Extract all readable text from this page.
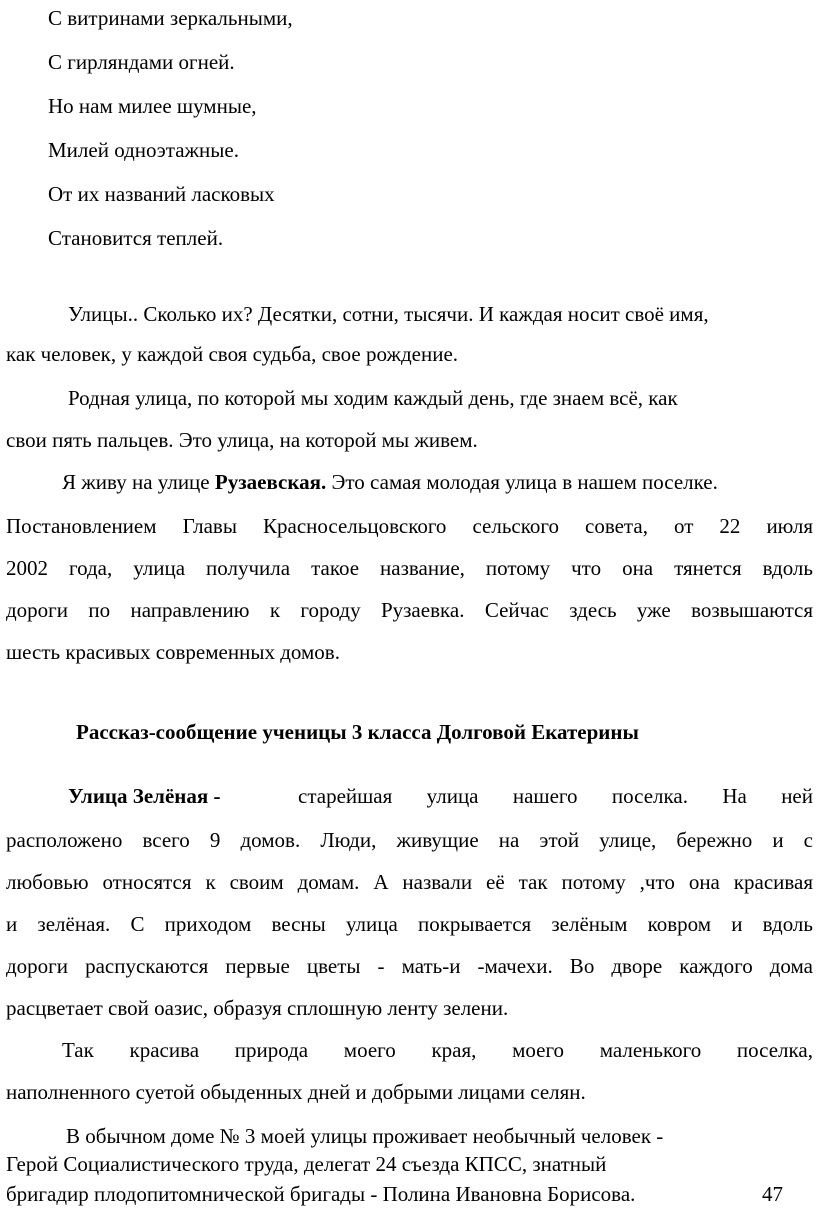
С витринами зеркальными,
С гирляндами огней.
Но нам милее шумные,
Милей одноэтажные.
От их названий ласковых
Становится теплей.
Улицы.. Сколько их? Десятки, сотни, тысячи. И каждая носит своё имя,
как человек, у каждой своя судьба, свое рождение.
Родная улица, по которой мы ходим каждый день, где знаем всё, как
свои пять пальцев. Это улица, на которой мы живем.
Я живу на улице Рузаевская. Это самая молодая улица в нашем поселке.
Постановлением Главы Красносельцовского сельского совета, от 22 июля
2002 года, улица получила такое название, потому что она тянется вдоль
дороги по направлению к городу Рузаевка. Сейчас здесь уже возвышаются
шесть красивых современных домов.
Рассказ-сообщение ученицы 3 класса Долговой Екатерины
Улица Зелёная -	старейшая улица нашего поселка. На ней
расположено всего 9 домов. Люди, живущие на этой улице, бережно и с
любовью относятся к своим домам. А назвали её так потому ,что она красивая
и зелёная. С приходом весны улица покрывается зелёным ковром и вдоль
дороги распускаются первые цветы - мать-и -мачехи. Во дворе каждого дома
расцветает свой оазис, образуя сплошную ленту зелени.
Так красива природа моего края, моего маленького поселка,
наполненного суетой обыденных дней и добрыми лицами селян.
В обычном доме № 3 моей улицы проживает необычный человек -
Герой Социалистического труда, делегат 24 съезда КПСС, знатный
бригадир плодопитомнической бригады - Полина Ивановна Борисова.	47
